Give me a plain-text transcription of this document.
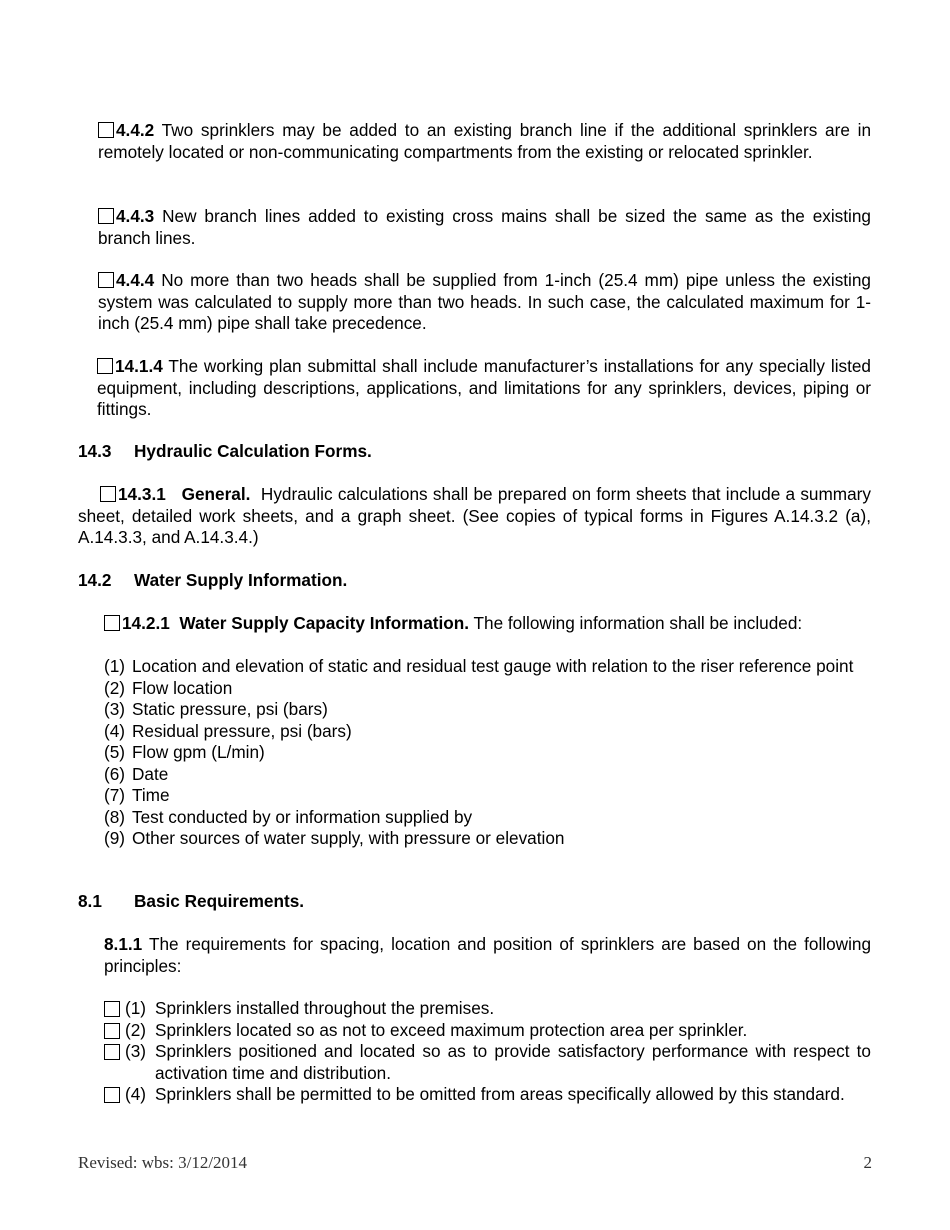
4.4.2 Two sprinklers may be added to an existing branch line if the additional sprinklers are in remotely located or non-communicating compartments from the existing or relocated sprinkler.
4.4.3 New branch lines added to existing cross mains shall be sized the same as the existing branch lines.
4.4.4 No more than two heads shall be supplied from 1-inch (25.4 mm) pipe unless the existing system was calculated to supply more than two heads. In such case, the calculated maximum for 1-inch (25.4 mm) pipe shall take precedence.
14.1.4 The working plan submittal shall include manufacturer’s installations for any specially listed equipment, including descriptions, applications, and limitations for any sprinklers, devices, piping or fittings.
14.3 Hydraulic Calculation Forms.
14.3.1 General. Hydraulic calculations shall be prepared on form sheets that include a summary sheet, detailed work sheets, and a graph sheet. (See copies of typical forms in Figures A.14.3.2 (a), A.14.3.3, and A.14.3.4.)
14.2 Water Supply Information.
14.2.1 Water Supply Capacity Information. The following information shall be included:
(1) Location and elevation of static and residual test gauge with relation to the riser reference point
(2) Flow location
(3) Static pressure, psi (bars)
(4) Residual pressure, psi (bars)
(5) Flow gpm (L/min)
(6) Date
(7) Time
(8) Test conducted by or information supplied by
(9) Other sources of water supply, with pressure or elevation
8.1 Basic Requirements.
8.1.1 The requirements for spacing, location and position of sprinklers are based on the following principles:
(1) Sprinklers installed throughout the premises.
(2) Sprinklers located so as not to exceed maximum protection area per sprinkler.
(3) Sprinklers positioned and located so as to provide satisfactory performance with respect to activation time and distribution.
(4) Sprinklers shall be permitted to be omitted from areas specifically allowed by this standard.
Revised: wbs: 3/12/2014	2
